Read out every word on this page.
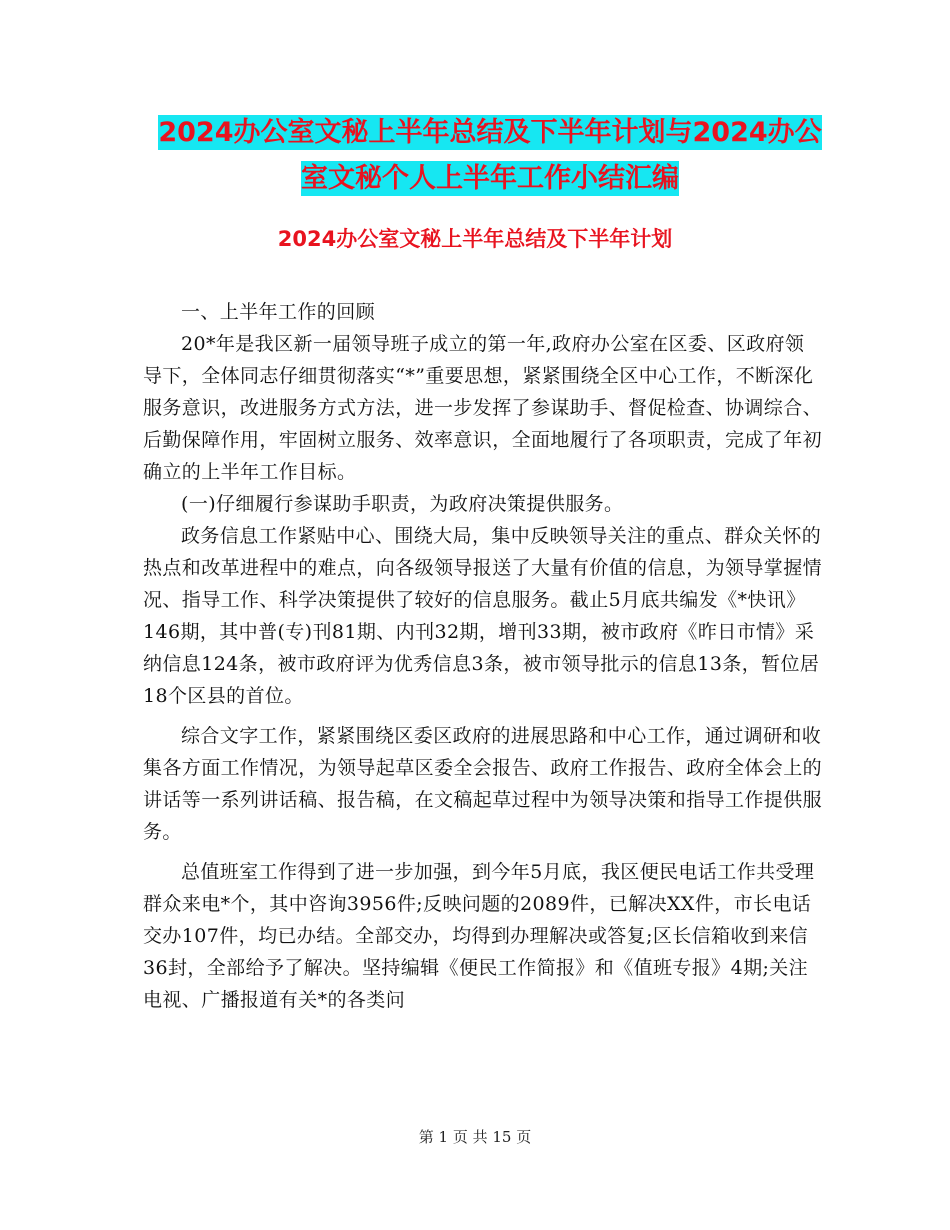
2024办公室文秘上半年总结及下半年计划与2024办公
室文秘个人上半年工作小结汇编
2024办公室文秘上半年总结及下半年计划

一、上半年工作的回顾

20*年是我区新一届领导班子成立的第一年,政府办公室在区委、区政府领导下，全体同志仔细贯彻落实“*”重要思想，紧紧围绕全区中心工作，不断深化服务意识，改进服务方式方法，进一步发挥了参谋助手、督促检查、协调综合、后勤保障作用，牢固树立服务、效率意识，全面地履行了各项职责，完成了年初确立的上半年工作目标。

(一)仔细履行参谋助手职责，为政府决策提供服务。

政务信息工作紧贴中心、围绕大局，集中反映领导关注的重点、群众关怀的热点和改革进程中的难点，向各级领导报送了大量有价值的信息，为领导掌握情况、指导工作、科学决策提供了较好的信息服务。截止5月底共编发《*快讯》146期，其中普(专)刊81期、内刊32期，增刊33期，被市政府《昨日市情》采纳信息124条，被市政府评为优秀信息3条，被市领导批示的信息13条，暂位居18个区县的首位。

综合文字工作，紧紧围绕区委区政府的进展思路和中心工作，通过调研和收集各方面工作情况，为领导起草区委全会报告、政府工作报告、政府全体会上的讲话等一系列讲话稿、报告稿，在文稿起草过程中为领导决策和指导工作提供服务。

总值班室工作得到了进一步加强，到今年5月底，我区便民电话工作共受理群众来电*个，其中咨询3956件;反映问题的2089件，已解决XX件，市长电话交办107件，均已办结。全部交办，均得到办理解决或答复;区长信箱收到来信36封，全部给予了解决。坚持编辑《便民工作简报》和《值班专报》4期;关注电视、广播报道有关*的各类问

第 1 页 共 15 页
